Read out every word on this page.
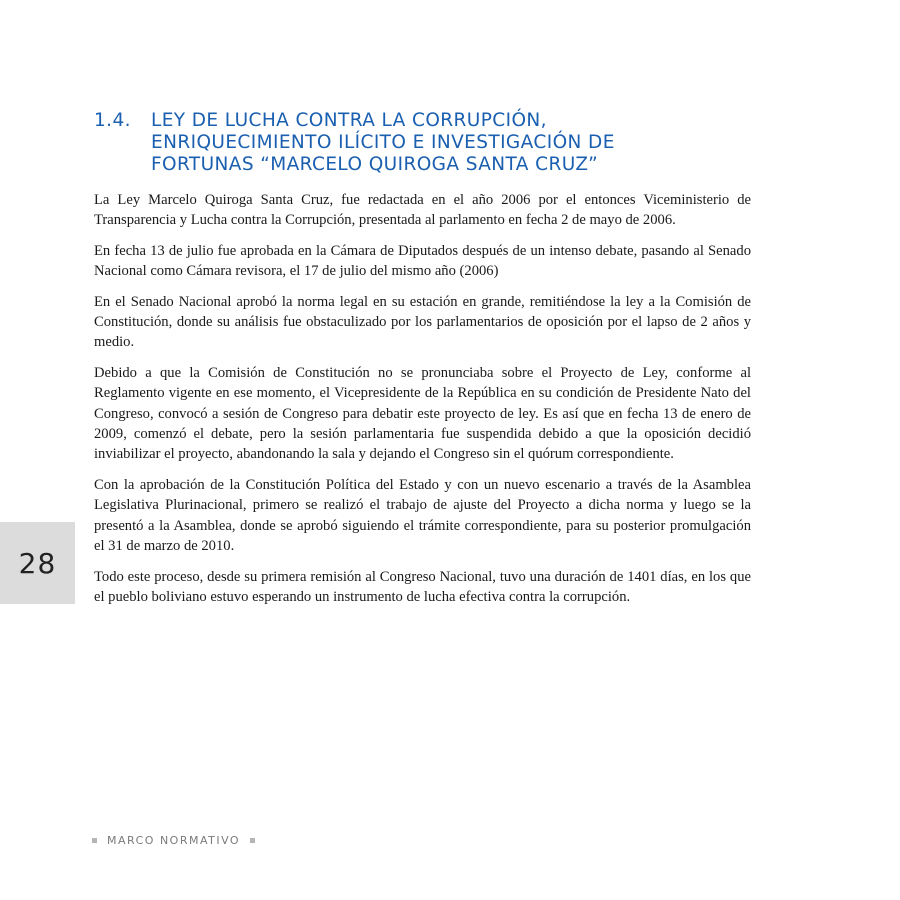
1.4.	LEY DE LUCHA CONTRA LA CORRUPCIÓN,
ENRIQUECIMIENTO ILÍCITO E INVESTIGACIÓN DE
FORTUNAS “MARCELO QUIROGA SANTA CRUZ”

La Ley Marcelo Quiroga Santa Cruz, fue redactada en el año 2006 por el entonces Viceministerio de Transparencia y Lucha contra la Corrupción, presentada al parlamento en fecha 2 de mayo de 2006.

En fecha 13 de julio fue aprobada en la Cámara de Diputados después de un intenso debate, pasando al Senado Nacional como Cámara revisora, el 17 de julio del mismo año (2006)

En el Senado Nacional aprobó la norma legal en su estación en grande, remitiéndose la ley a la Comisión de Constitución, donde su análisis fue obstaculizado por los parlamentarios de oposición por el lapso de 2 años y medio.

Debido a que la Comisión de Constitución no se pronunciaba sobre el Proyecto de Ley, conforme al Reglamento vigente en ese momento, el Vicepresidente de la República en su condición de Presidente Nato del Congreso, convocó a sesión de Congreso para debatir este proyecto de ley. Es así que en fecha 13 de enero de 2009, comenzó el debate, pero la sesión parlamentaria fue suspendida debido a que la oposición decidió inviabilizar el proyecto, abandonando la sala y dejando el Congreso sin el quórum correspondiente.

Con la aprobación de la Constitución Política del Estado y con un nuevo escenario a través de la Asamblea Legislativa Plurinacional, primero se realizó el trabajo de ajuste del Proyecto a dicha norma y luego se la presentó a la Asamblea, donde se aprobó siguiendo el trámite correspondiente, para su posterior promulgación el 31 de marzo de 2010.

Todo este proceso, desde su primera remisión al Congreso Nacional, tuvo una duración de 1401 días, en los que el pueblo boliviano estuvo esperando un instrumento de lucha efectiva contra la corrupción.

28
MARCO NORMATIVO
